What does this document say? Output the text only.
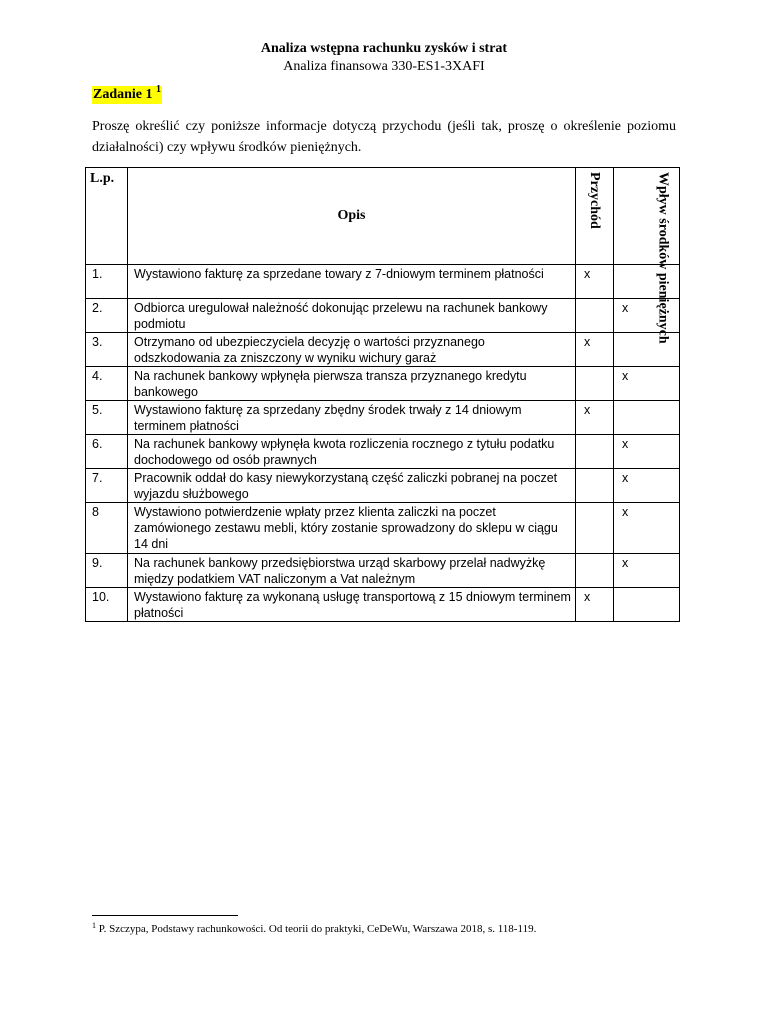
Analiza wstępna rachunku zysków i strat
Analiza finansowa 330-ES1-3XAFI
Zadanie 1 $^1$
Proszę określić czy poniższe informacje dotyczą przychodu (jeśli tak, proszę o określenie poziomu działalności) czy wpływu środków pieniężnych.
L.p.	Opis	Przychód	Wpływ środków pieniężnych

1.	Wystawiono fakturę za sprzedane towary z 7-dniowym terminem płatności	x	
2.	Odbiorca uregulował należność dokonując przelewu na rachunek bankowy podmiotu		x
3.	Otrzymano od ubezpieczyciela decyzję o wartości przyznanego odszkodowania za zniszczony w wyniku wichury garaż	x	
4.	Na rachunek bankowy wpłynęła pierwsza transza przyznanego kredytu bankowego		x
5.	Wystawiono fakturę za sprzedany zbędny środek trwały z 14 dniowym terminem płatności	x	
6.	Na rachunek bankowy wpłynęła kwota rozliczenia rocznego z tytułu podatku dochodowego od osób prawnych		x
7.	Pracownik oddał do kasy niewykorzystaną część zaliczki pobranej na poczet wyjazdu służbowego		x
8	Wystawiono potwierdzenie wpłaty przez klienta zaliczki na poczet zamówionego zestawu mebli, który zostanie sprowadzony do sklepu w ciągu 14 dni		x
9.	Na rachunek bankowy przedsiębiorstwa urząd skarbowy przelał nadwyżkę między podatkiem VAT naliczonym a Vat należnym		x
10.	Wystawiono fakturę za wykonaną usługę transportową z 15 dniowym terminem płatności	x	
$^1$ P. Szczypa, Podstawy rachunkowości. Od teorii do praktyki, CeDeWu, Warszawa 2018, s. 118-119.
